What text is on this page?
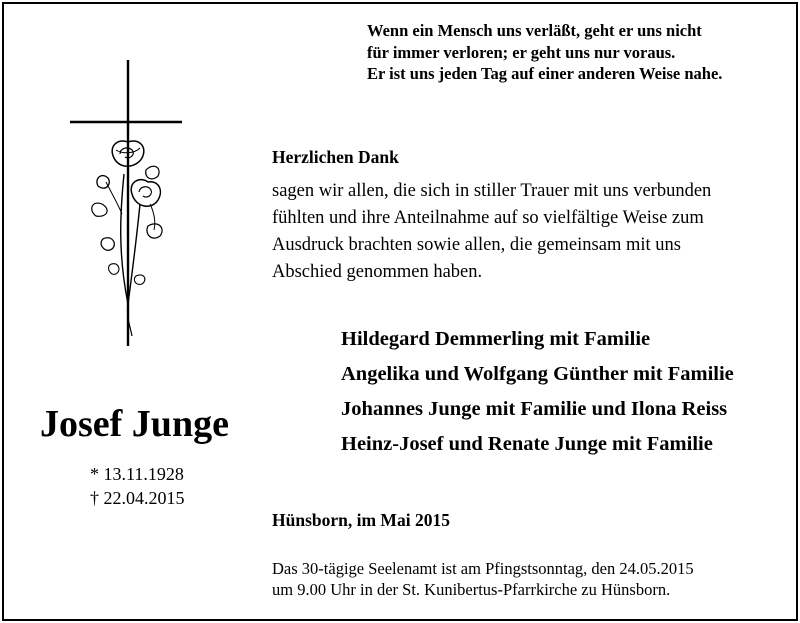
Wenn ein Mensch uns verläßt, geht er uns nicht
für immer verloren; er geht uns nur voraus.
Er ist uns jeden Tag auf einer anderen Weise nahe.
Herzlichen Dank
sagen wir allen, die sich in stiller Trauer mit uns verbunden
fühlten und ihre Anteilnahme auf so vielfältige Weise zum
Ausdruck brachten sowie allen, die gemeinsam mit uns
Abschied genommen haben.
Hildegard Demmerling mit Familie
Angelika und Wolfgang Günther mit Familie
Johannes Junge mit Familie und Ilona Reiss
Heinz-Josef und Renate Junge mit Familie
Josef Junge
* 13.11.1928
† 22.04.2015
Hünsborn, im Mai 2015
Das 30-tägige Seelenamt ist am Pfingstsonntag, den 24.05.2015
um 9.00 Uhr in der St. Kunibertus-Pfarrkirche zu Hünsborn.
